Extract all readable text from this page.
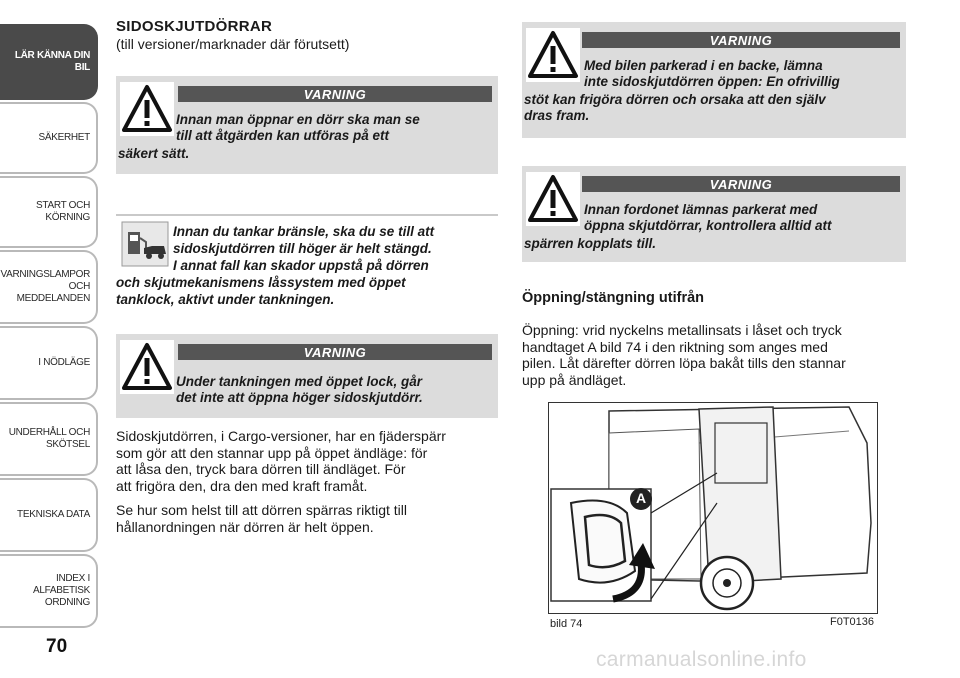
LÄR KÄNNA DIN
BIL
SÄKERHET
START OCH
KÖRNING
VARNINGSLAMPOR
OCH
MEDDELANDEN
I NÖDLÄGE
UNDERHÅLL OCH
SKÖTSEL
TEKNISKA DATA
INDEX I ALFABETISK
ORDNING
70
SIDOSKJUTDÖRRAR
(till versioner/marknader där förutsett)
VARNING
Innan man öppnar en dörr ska man se
till att åtgärden kan utföras på ett
säkert sätt.
Innan du tankar bränsle, ska du se till att
sidoskjutdörren till höger är helt stängd.
I annat fall kan skador uppstå på dörren
och skjutmekanismens låssystem med öppet
tanklock, aktivt under tankningen.
VARNING
Under tankningen med öppet lock, går
det inte att öppna höger sidoskjutdörr.
Sidoskjutdörren, i Cargo-versioner, har en fjäderspärr
som gör att den stannar upp på öppet ändläge: för
att låsa den, tryck bara dörren till ändläget. För
att frigöra den, dra den med kraft framåt.
Se hur som helst till att dörren spärras riktigt till
hållanordningen när dörren är helt öppen.
VARNING
Med bilen parkerad i en backe, lämna
inte sidoskjutdörren öppen: En ofrivillig
stöt kan frigöra dörren och orsaka att den själv
dras fram.
VARNING
Innan fordonet lämnas parkerat med
öppna skjutdörrar, kontrollera alltid att
spärren kopplats till.
Öppning/stängning utifrån
Öppning: vrid nyckelns metallinsats i låset och tryck
handtaget A bild 74 i den riktning som anges med
pilen. Låt därefter dörren löpa bakåt tills den stannar
upp på ändläget.
A
bild 74	F0T0136
carmanualsonline.info
